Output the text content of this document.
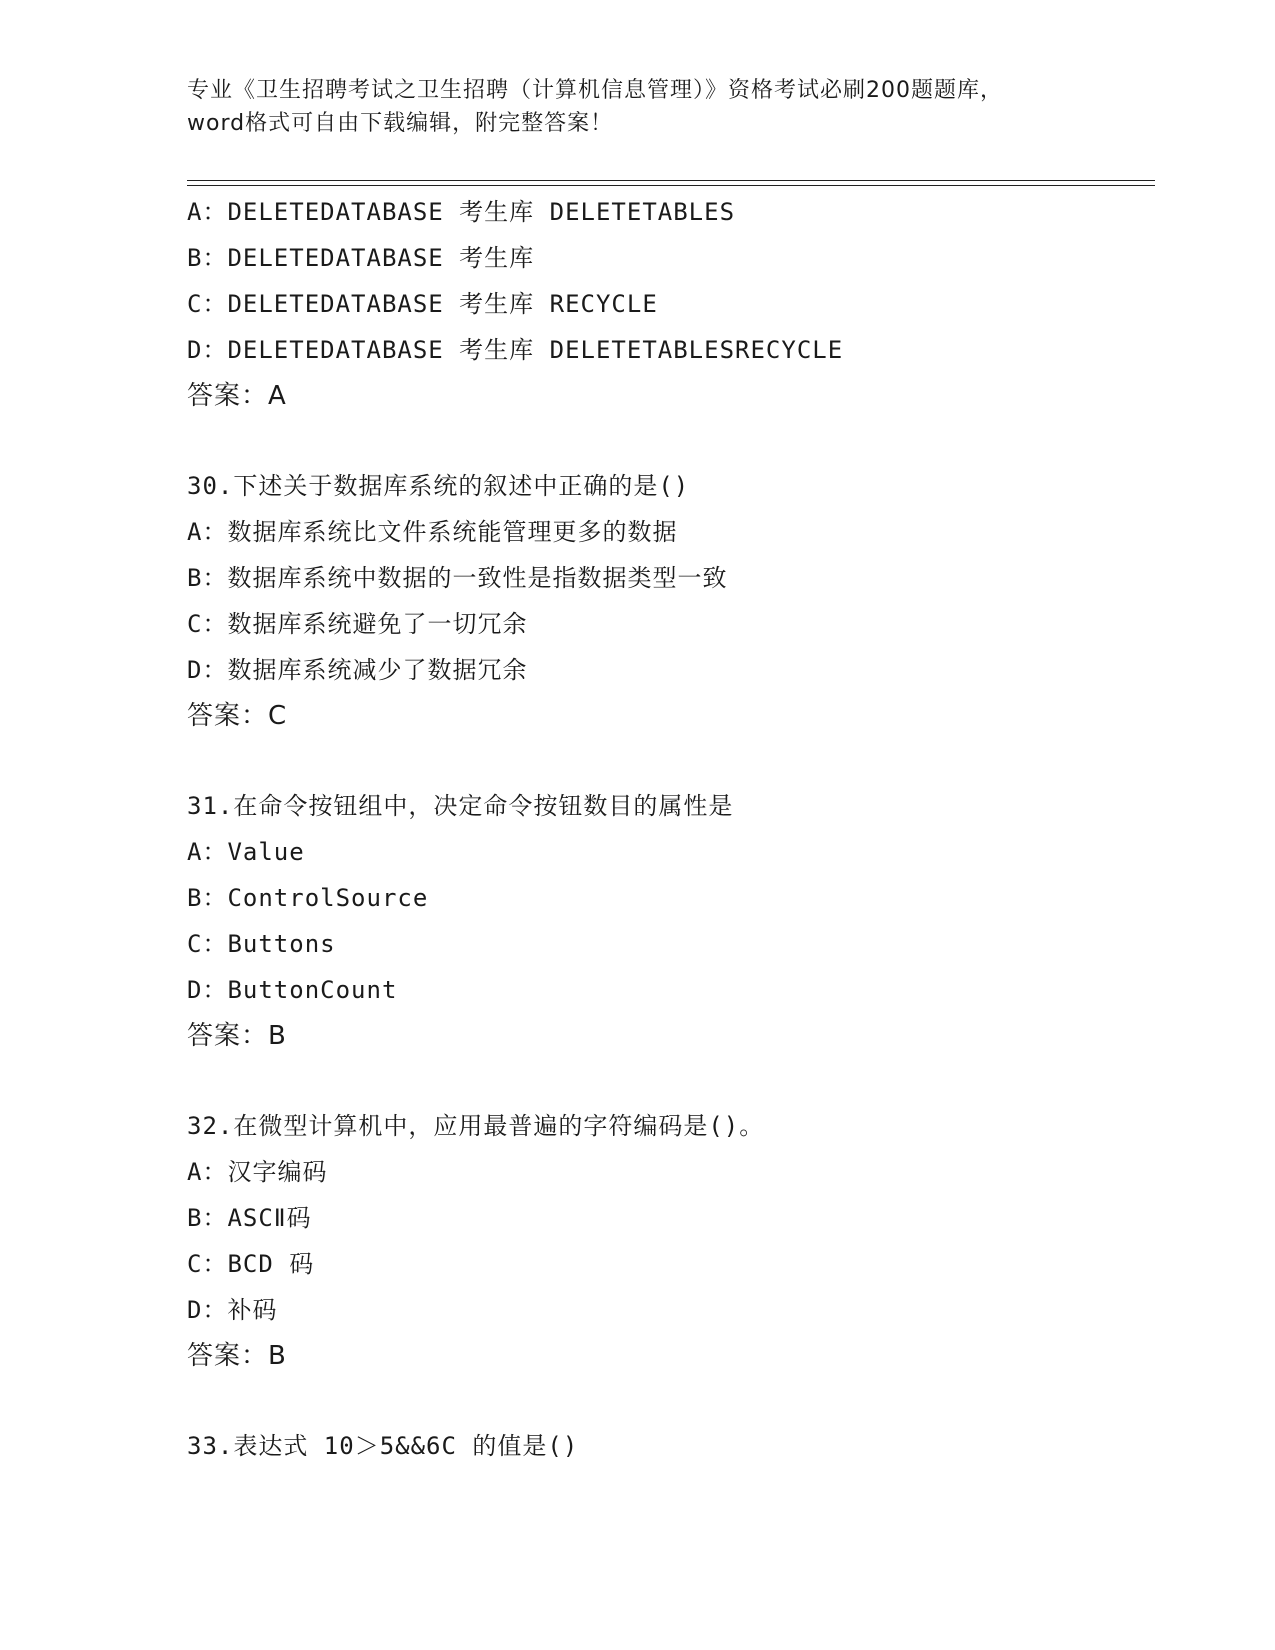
专业《卫生招聘考试之卫生招聘（计算机信息管理）》资格考试必刷200题题库，
word格式可自由下载编辑，附完整答案！
A：DELETEDATABASE 考生库 DELETETABLES
B：DELETEDATABASE 考生库
C：DELETEDATABASE 考生库 RECYCLE
D：DELETEDATABASE 考生库 DELETETABLESRECYCLE
答案：A
30.下述关于数据库系统的叙述中正确的是()
A：数据库系统比文件系统能管理更多的数据
B：数据库系统中数据的一致性是指数据类型一致
C：数据库系统避免了一切冗余
D：数据库系统减少了数据冗余
答案：C
31.在命令按钮组中，决定命令按钮数目的属性是
A：Value
B：ControlSource
C：Buttons
D：ButtonCount
答案：B
32.在微型计算机中，应用最普遍的字符编码是()。
A：汉字编码
B：ASCⅡ码
C：BCD 码
D：补码
答案：B
33.表达式 10＞5&&6C 的值是()
